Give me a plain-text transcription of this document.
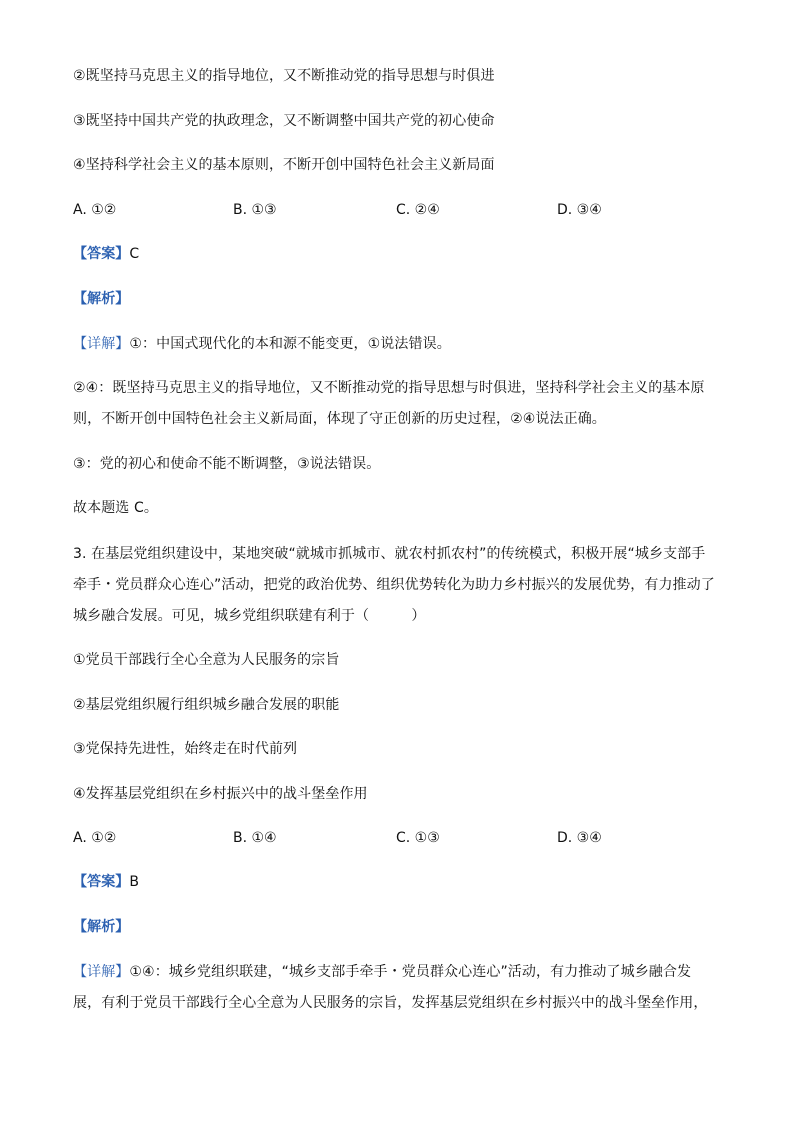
②既坚持马克思主义的指导地位，又不断推动党的指导思想与时俱进
③既坚持中国共产党的执政理念，又不断调整中国共产党的初心使命
④坚持科学社会主义的基本原则，不断开创中国特色社会主义新局面
A. ①②	B. ①③	C. ②④	D. ③④
【答案】C
【解析】
【详解】①：中国式现代化的本和源不能变更，①说法错误。
②④：既坚持马克思主义的指导地位，又不断推动党的指导思想与时俱进，坚持科学社会主义的基本原
则，不断开创中国特色社会主义新局面，体现了守正创新的历史过程，②④说法正确。
③：党的初心和使命不能不断调整，③说法错误。
故本题选 C。
3. 在基层党组织建设中，某地突破“就城市抓城市、就农村抓农村”的传统模式，积极开展“城乡支部手
牵手・党员群众心连心”活动，把党的政治优势、组织优势转化为助力乡村振兴的发展优势，有力推动了
城乡融合发展。可见，城乡党组织联建有利于（　　　）
①党员干部践行全心全意为人民服务的宗旨
②基层党组织履行组织城乡融合发展的职能
③党保持先进性，始终走在时代前列
④发挥基层党组织在乡村振兴中的战斗堡垒作用
A. ①②	B. ①④	C. ①③	D. ③④
【答案】B
【解析】
【详解】①④：城乡党组织联建，“城乡支部手牵手・党员群众心连心”活动，有力推动了城乡融合发
展，有利于党员干部践行全心全意为人民服务的宗旨，发挥基层党组织在乡村振兴中的战斗堡垒作用，
